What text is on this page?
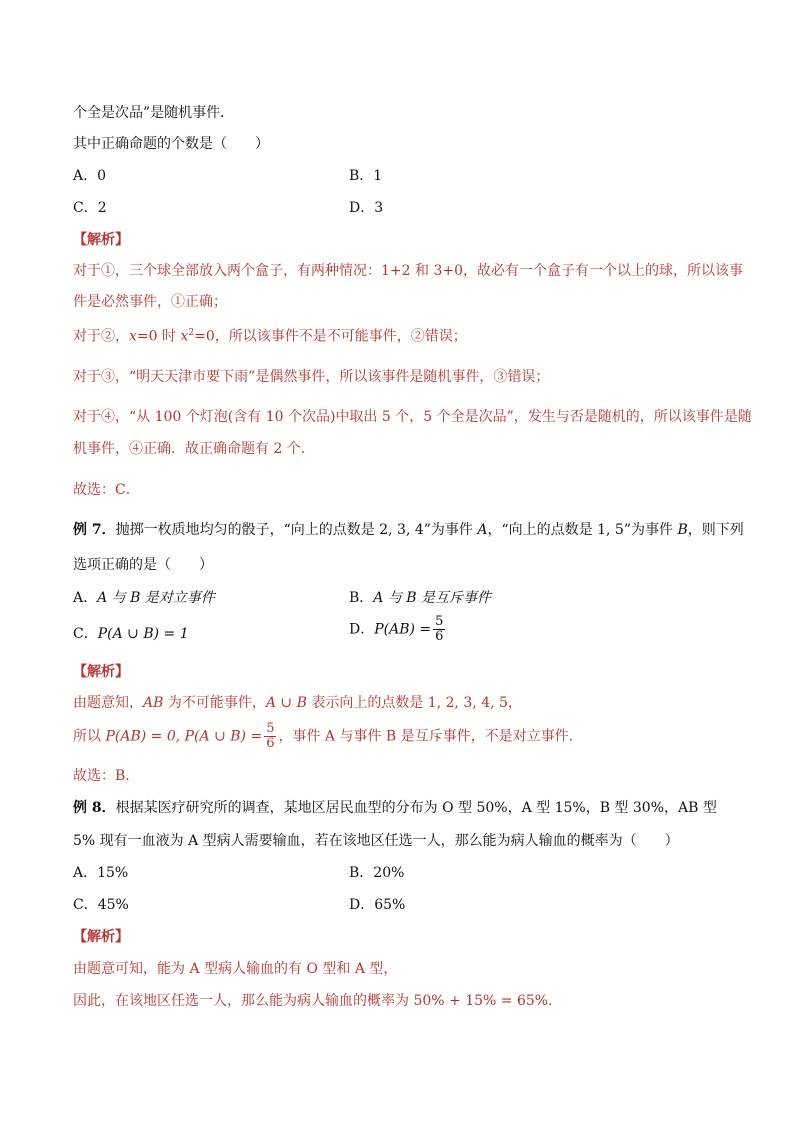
个全是次品”是随机事件．
其中正确命题的个数是（　　）
A．0	B．1
C．2	D．3
【解析】
对于①，三个球全部放入两个盒子，有两种情况：1+2 和 3+0，故必有一个盒子有一个以上的球，所以该事
件是必然事件，①正确；
对于②，x=0 时 $x^2=0$，所以该事件不是不可能事件，②错误；
对于③，“明天天津市要下雨”是偶然事件，所以该事件是随机事件，③错误；
对于④，“从 100 个灯泡(含有 10 个次品)中取出 5 个，5 个全是次品”，发生与否是随机的，所以该事件是随
机事件，④正确．故正确命题有 2 个.
故选：C．
例 7．抛掷一枚质地均匀的骰子，“向上的点数是 2, 3, 4”为事件 A，“向上的点数是 1, 5”为事件 B，则下列
选项正确的是（　　）
A．A 与 B 是对立事件	B．A 与 B 是互斥事件
C．P(A ∪ B) = 1	D．$P(AB) = \frac{5}{6}$
【解析】
由题意知，AB 为不可能事件，A ∪ B 表示向上的点数是 1, 2, 3, 4, 5，
所以 P(AB) = 0, P(A ∪ $B) = \frac{5}{6}$ ，事件 A 与事件 B 是互斥事件，不是对立事件.
故选：B.
例 8．根据某医疗研究所的调查，某地区居民血型的分布为 O 型 50%，A 型 15%，B 型 30%，AB 型
5% 现有一血液为 A 型病人需要输血，若在该地区任选一人，那么能为病人输血的概率为（　　）
A．15%	B．20%
C．45%	D．65%
【解析】
由题意可知，能为 A 型病人输血的有 O 型和 A 型，
因此，在该地区任选一人，那么能为病人输血的概率为 50% + 15% = 65%.
